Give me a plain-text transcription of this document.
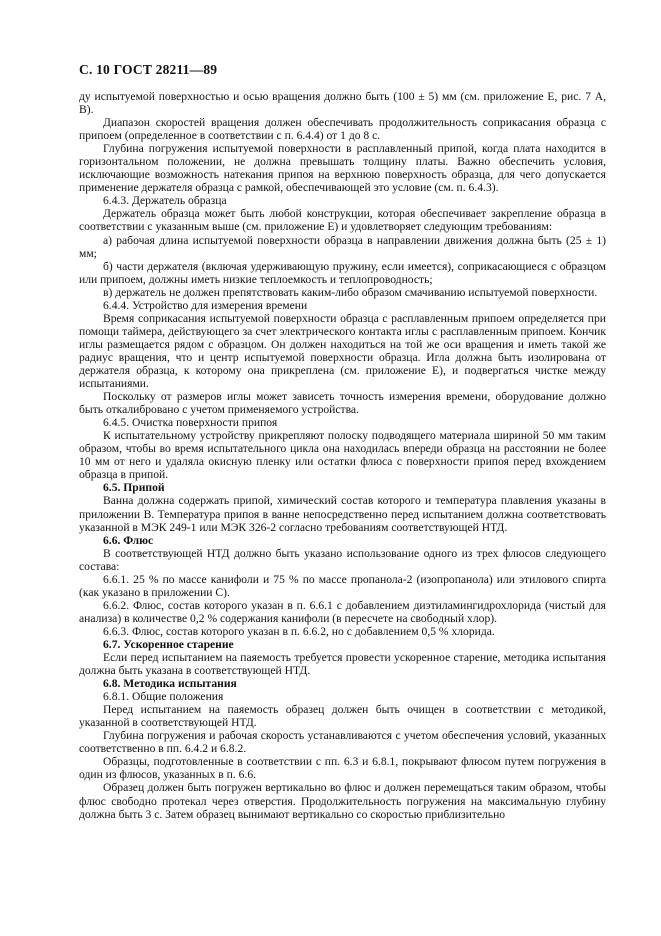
С. 10 ГОСТ 28211—89

ду испытуемой поверхностью и осью вращения должно быть (100 ± 5) мм (см. приложение Е, рис. 7 А, В).

Диапазон скоростей вращения должен обеспечивать продолжительность соприкасания образца с припоем (определенное в соответствии с п. 6.4.4) от 1 до 8 с.

Глубина погружения испытуемой поверхности в расплавленный припой, когда плата находится в горизонтальном положении, не должна превышать толщину платы. Важно обеспечить условия, исключающие возможность натекания припоя на верхнюю поверхность образца, для чего допускается применение держателя образца с рамкой, обеспечивающей это условие (см. п. 6.4.3).

6.4.3. Держатель образца

Держатель образца может быть любой конструкции, которая обеспечивает закрепление образца в соответствии с указанным выше (см. приложение Е) и удовлетворяет следующим требованиям:

а) рабочая длина испытуемой поверхности образца в направлении движения должна быть (25 ± 1) мм;

б) части держателя (включая удерживающую пружину, если имеется), соприкасающиеся с образцом или припоем, должны иметь низкие теплоемкость и теплопроводность;

в) держатель не должен препятствовать каким-либо образом смачиванию испытуемой поверхности.

6.4.4. Устройство для измерения времени

Время соприкасания испытуемой поверхности образца с расплавленным припоем определяется при помощи таймера, действующего за счет электрического контакта иглы с расплавленным припоем. Кончик иглы размещается рядом с образцом. Он должен находиться на той же оси вращения и иметь такой же радиус вращения, что и центр испытуемой поверхности образца. Игла должна быть изолирована от держателя образца, к которому она прикреплена (см. приложение Е), и подвергаться чистке между испытаниями.

Поскольку от размеров иглы может зависеть точность измерения времени, оборудование должно быть откалибровано с учетом применяемого устройства.

6.4.5. Очистка поверхности припоя

К испытательному устройству прикрепляют полоску подводящего материала шириной 50 мм таким образом, чтобы во время испытательного цикла она находилась впереди образца на расстоянии не более 10 мм от него и удаляла окисную пленку или остатки флюса с поверхности припоя перед вхождением образца в припой.

6.5. Припой

Ванна должна содержать припой, химический состав которого и температура плавления указаны в приложении В. Температура припоя в ванне непосредственно перед испытанием должна соответствовать указанной в МЭК 249-1 или МЭК 326-2 согласно требованиям соответствующей НТД.

6.6. Флюс

В соответствующей НТД должно быть указано использование одного из трех флюсов следующего состава:

6.6.1. 25 % по массе канифоли и 75 % по массе пропанола-2 (изопропанола) или этилового спирта (как указано в приложении С).

6.6.2. Флюс, состав которого указан в п. 6.6.1 с добавлением диэтиламингидрохлорида (чистый для анализа) в количестве 0,2 % содержания канифоли (в пересчете на свободный хлор).

6.6.3. Флюс, состав которого указан в п. 6.6.2, но с добавлением 0,5 % хлорида.

6.7. Ускоренное старение

Если перед испытанием на паяемость требуется провести ускоренное старение, методика испытания должна быть указана в соответствующей НТД.

6.8. Методика испытания

6.8.1. Общие положения

Перед испытанием на паяемость образец должен быть очищен в соответствии с методикой, указанной в соответствующей НТД.

Глубина погружения и рабочая скорость устанавливаются с учетом обеспечения условий, указанных соответственно в пп. 6.4.2 и 6.8.2.

Образцы, подготовленные в соответствии с пп. 6.3 и 6.8.1, покрывают флюсом путем погружения в один из флюсов, указанных в п. 6.6.

Образец должен быть погружен вертикально во флюс и должен перемещаться таким образом, чтобы флюс свободно протекал через отверстия. Продолжительность погружения на максимальную глубину должна быть 3 с. Затем образец вынимают вертикально со скоростью приблизительно
